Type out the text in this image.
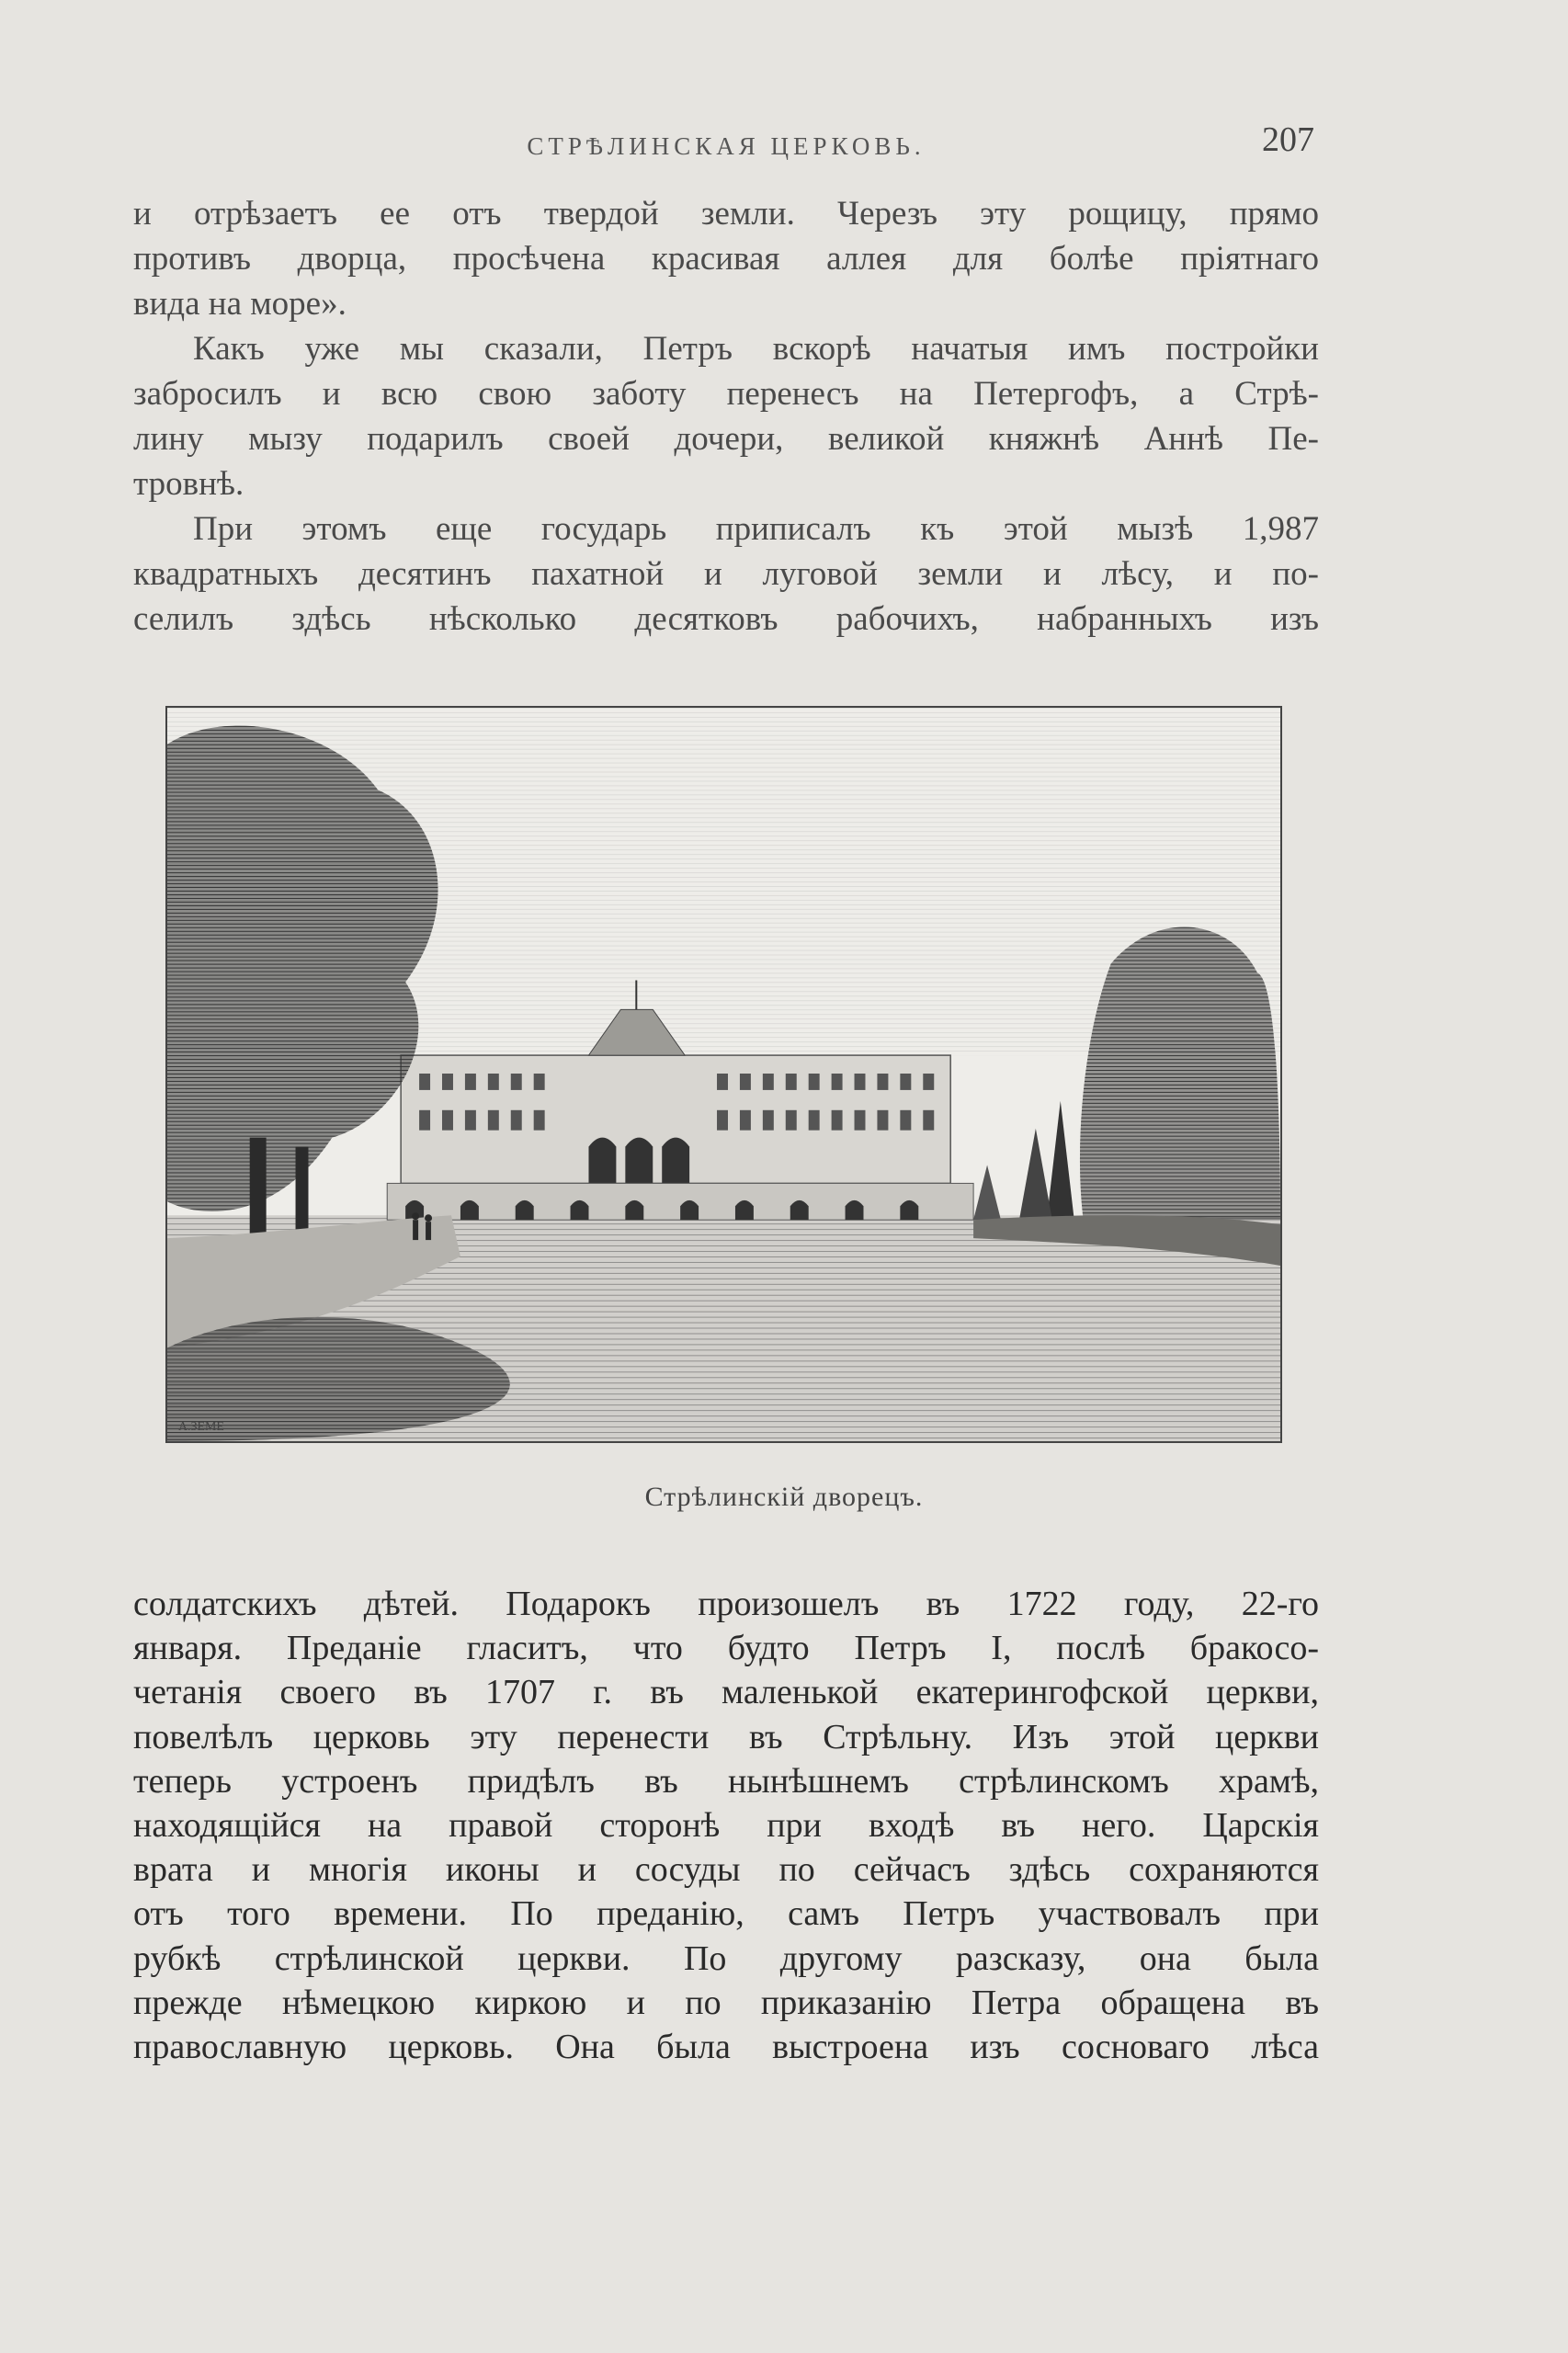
СТРѢЛИНСКАЯ ЦЕРКОВЬ.	207
и отрѣзаетъ ее отъ твердой земли. Черезъ эту рощицу, прямо
противъ дворца, просѣчена красивая аллея для болѣе пріятнаго
вида на море».
Какъ уже мы сказали, Петръ вскорѣ начатыя имъ постройки
забросилъ и всю свою заботу перенесъ на Петергофъ, а Стрѣ-
лину мызу подарилъ своей дочери, великой княжнѣ Аннѣ Пе-
тровнѣ.
При этомъ еще государь приписалъ къ этой мызѣ 1,987
квадратныхъ десятинъ пахатной и луговой земли и лѣсу, и по-
селилъ здѣсь нѣсколько десятковъ рабочихъ, набранныхъ изъ
А.ЗЕМЕ
Стрѣлинскій дворецъ.
солдатскихъ дѣтей. Подарокъ произошелъ въ 1722 году, 22-го
января. Преданіе гласитъ, что будто Петръ I, послѣ бракосо-
четанія своего въ 1707 г. въ маленькой екатерингофской церкви,
повелѣлъ церковь эту перенести въ Стрѣльну. Изъ этой церкви
теперь устроенъ придѣлъ въ нынѣшнемъ стрѣлинскомъ храмѣ,
находящійся на правой сторонѣ при входѣ въ него. Царскія
врата и многія иконы и сосуды по сейчасъ здѣсь сохраняются
отъ того времени. По преданію, самъ Петръ участвовалъ при
рубкѣ стрѣлинской церкви. По другому разсказу, она была
прежде нѣмецкою киркою и по приказанію Петра обращена въ
православную церковь. Она была выстроена изъ сосноваго лѣса
